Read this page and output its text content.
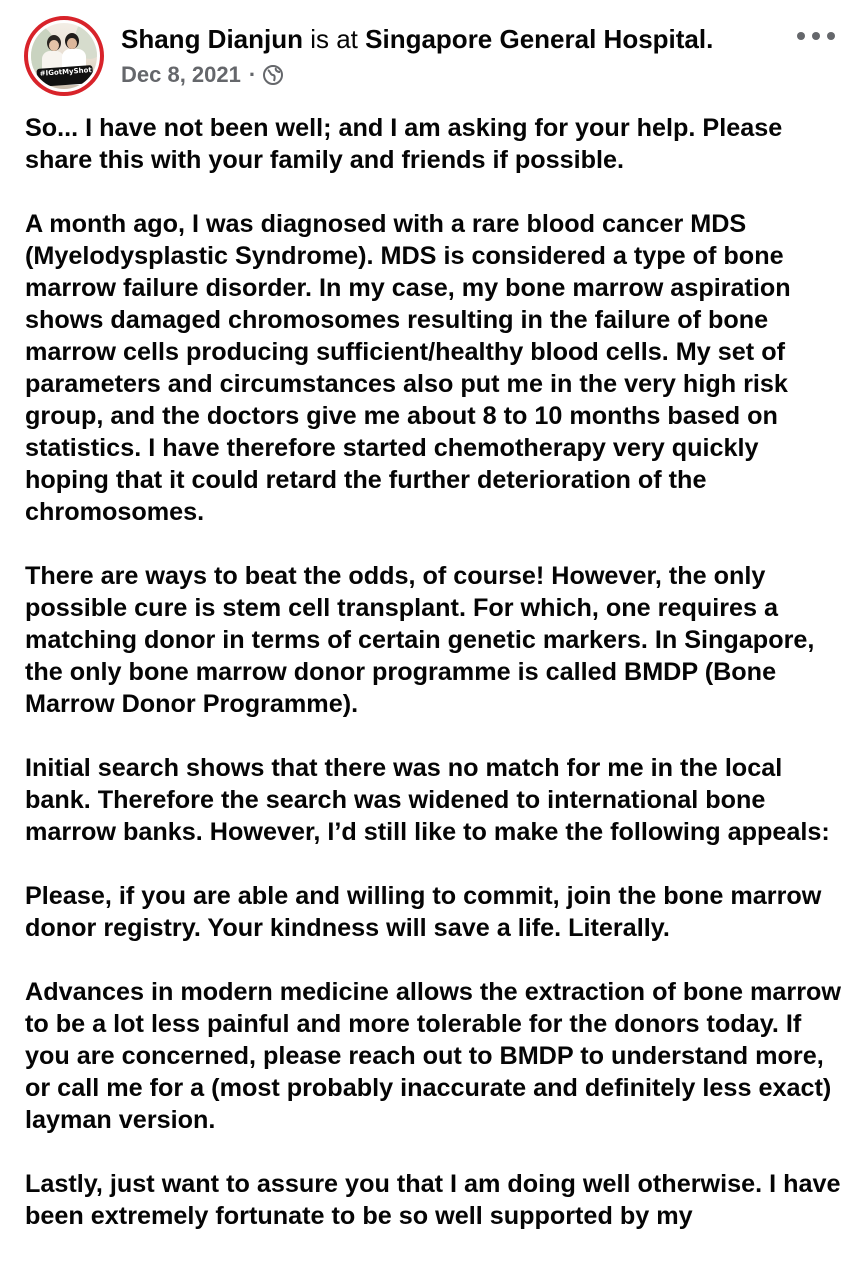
#IGotMyShot
Shang Dianjun is at Singapore General Hospital.
Dec 8, 2021 ·

So... I have not been well; and I am asking for your help. Please share this with your family and friends if possible.

A month ago, I was diagnosed with a rare blood cancer MDS (Myelodysplastic Syndrome). MDS is considered a type of bone marrow failure disorder. In my case, my bone marrow aspiration shows damaged chromosomes resulting in the failure of bone marrow cells producing sufficient/healthy blood cells. My set of parameters and circumstances also put me in the very high risk group, and the doctors give me about 8 to 10 months based on statistics. I have therefore started chemotherapy very quickly hoping that it could retard the further deterioration of the chromosomes.

There are ways to beat the odds, of course! However, the only possible cure is stem cell transplant. For which, one requires a matching donor in terms of certain genetic markers. In Singapore, the only bone marrow donor programme is called BMDP (Bone Marrow Donor Programme).

Initial search shows that there was no match for me in the local bank. Therefore the search was widened to international bone marrow banks. However, I’d still like to make the following appeals:

Please, if you are able and willing to commit, join the bone marrow donor registry. Your kindness will save a life. Literally.

Advances in modern medicine allows the extraction of bone marrow to be a lot less painful and more tolerable for the donors today. If you are concerned, please reach out to BMDP to understand more, or call me for a (most probably inaccurate and definitely less exact) layman version.

Lastly, just want to assure you that I am doing well otherwise. I have been extremely fortunate to be so well supported by my
